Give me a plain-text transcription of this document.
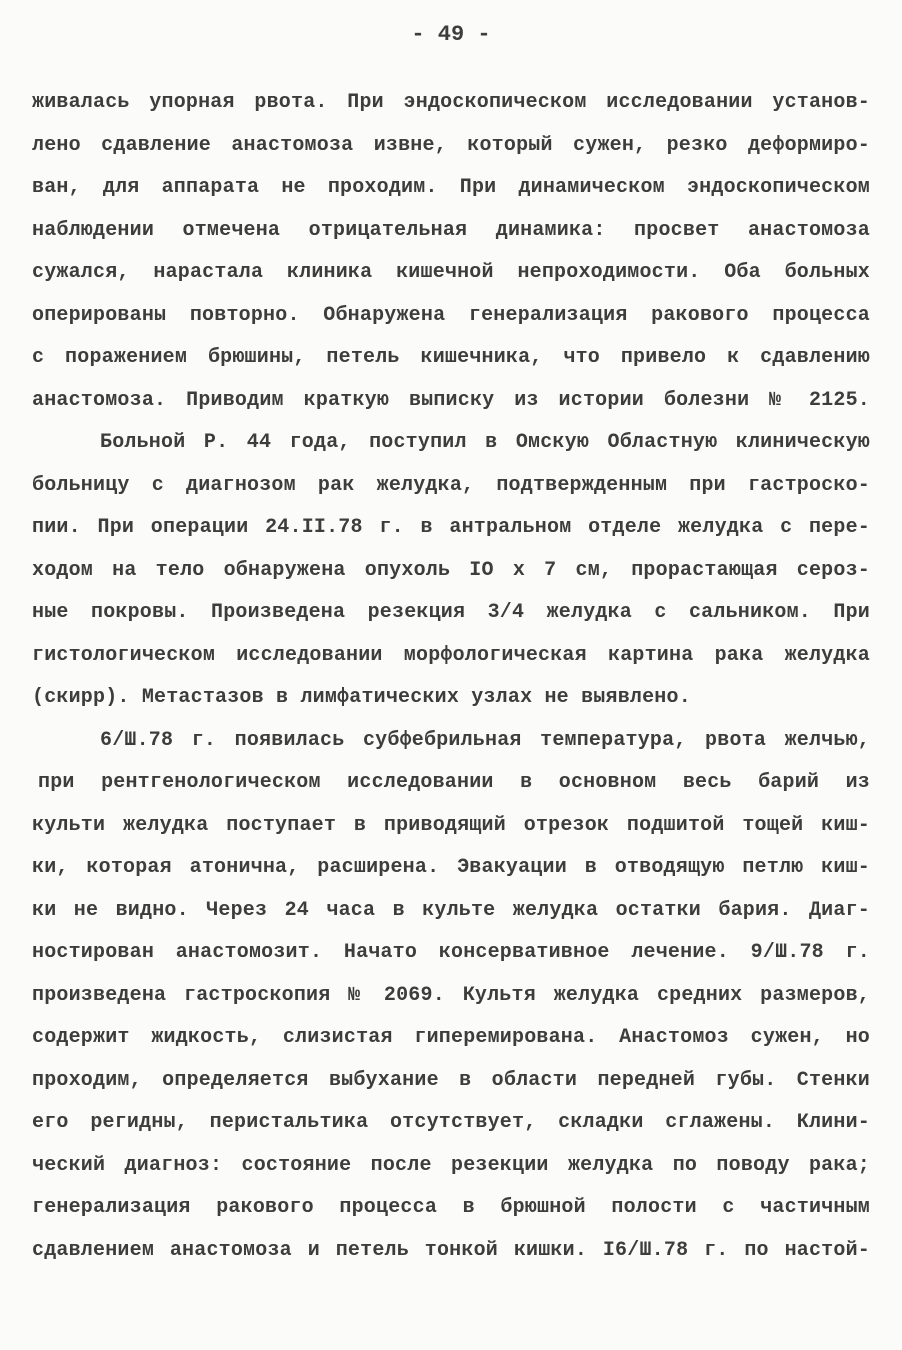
- 49 -
живалась упорная рвота. При эндоскопическом исследовании установ-
лено сдавление анастомоза извне, который сужен, резко деформиро-
ван, для аппарата не проходим. При динамическом эндоскопическом
наблюдении отмечена отрицательная динамика: просвет анастомоза
сужался, нарастала клиника кишечной непроходимости. Оба больных
оперированы повторно. Обнаружена генерализация ракового процесса
с поражением брюшины, петель кишечника, что привело к сдавлению
анастомоза. Приводим краткую выписку из истории болезни № 2125.
Больной Р. 44 года, поступил в Омскую Областную клиническую
больницу с диагнозом рак желудка, подтвержденным при гастроско-
пии. При операции 24.II.78 г. в антральном отделе желудка с пере-
ходом на тело обнаружена опухоль IO x 7 см, прорастающая сероз-
ные покровы. Произведена резекция 3/4 желудка с сальником. При
гистологическом исследовании морфологическая картина рака желудка
(скирр). Метастазов в лимфатических узлах не выявлено.
6/Ш.78 г. появилась субфебрильная температура, рвота желчью,
при рентгенологическом исследовании в основном весь барий из
культи желудка поступает в приводящий отрезок подшитой тощей киш-
ки, которая атонична, расширена. Эвакуации в отводящую петлю киш-
ки не видно. Через 24 часа в культе желудка остатки бария. Диаг-
ностирован анастомозит. Начато консервативное лечение. 9/Ш.78 г.
произведена гастроскопия № 2069. Культя желудка средних размеров,
содержит жидкость, слизистая гиперемирована. Анастомоз сужен, но
проходим, определяется выбухание в области передней губы. Стенки
его регидны, перистальтика отсутствует, складки сглажены. Клини-
ческий диагноз: состояние после резекции желудка по поводу рака;
генерализация ракового процесса в брюшной полости с частичным
сдавлением анастомоза и петель тонкой кишки. I6/Ш.78 г. по настой-
